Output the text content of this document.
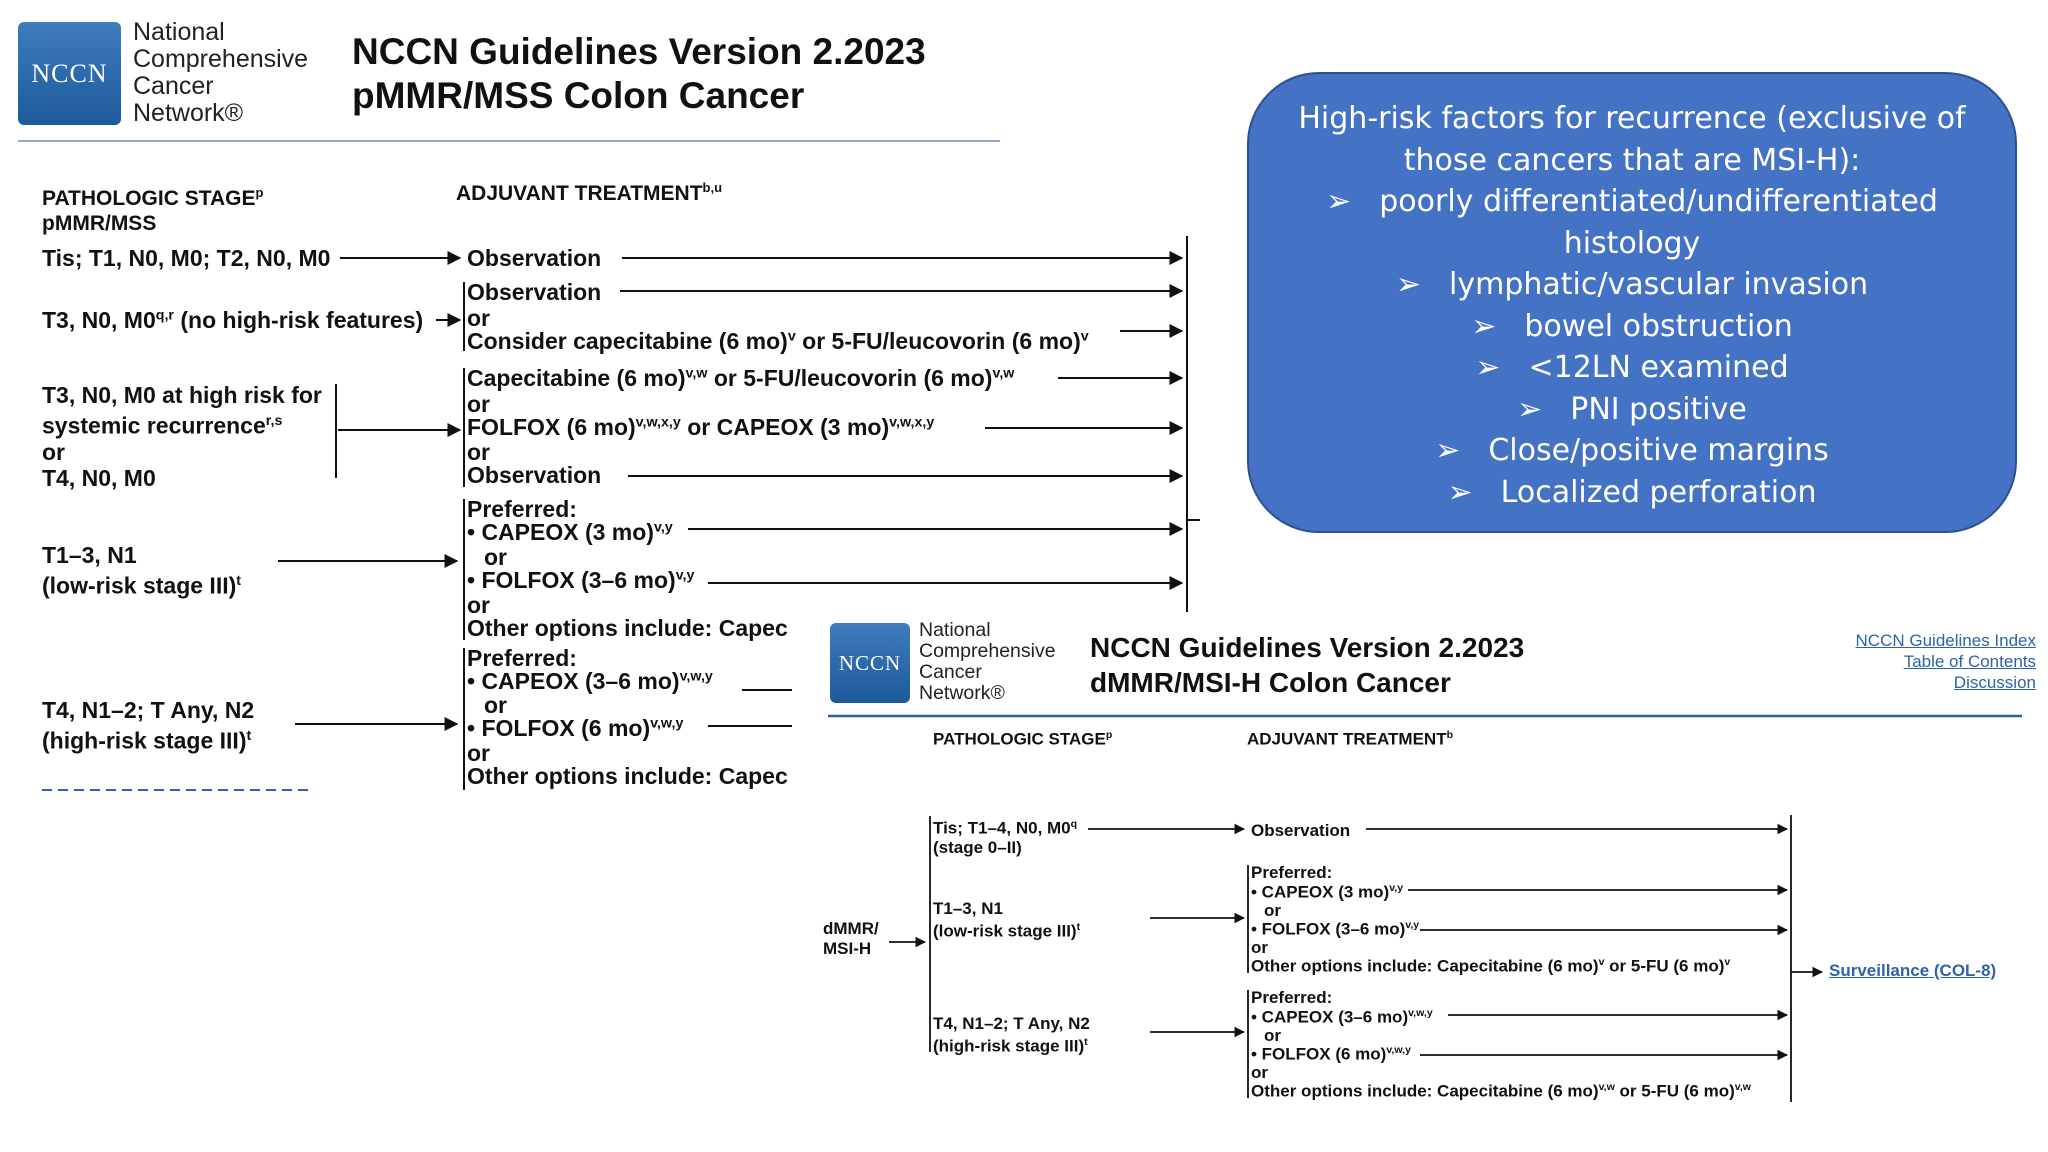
NCCN
National
Comprehensive
Cancer
Network®
NCCN Guidelines Version 2.2023
pMMR/MSS Colon Cancer
PATHOLOGIC STAGE$^p$
pMMR/MSS
ADJUVANT TREATMENT$^{b,u}$
Tis; T1, N0, M0; T2, N0, M0	Observation
T3, N0, M0$^{q,r}$ (no high-risk features)
Observation
or
Consider capecitabine (6 mo)$^v$ or 5-FU/leucovorin (6 mo)$^v$
T3, N0, M0 at high risk for
systemic recurrence$^{r,s}$
or
T4, N0, M0
Capecitabine (6 mo)$^{v,w}$ or 5-FU/leucovorin (6 mo)$^{v,w}$
or
FOLFOX (6 mo)$^{v,w,x,y}$ or CAPEOX (3 mo)$^{v,w,x,y}$
or
Observation
T1–3, N1
(low-risk stage III)$^t$
Preferred:
• CAPEOX (3 mo)$^{v,y}$
or
• FOLFOX (3–6 mo)$^{v,y}$
or
Other options include: Capec
T4, N1–2; T Any, N2
(high-risk stage III)$^t$
Preferred:
• CAPEOX (3–6 mo)$^{v,w,y}$
or
• FOLFOX (6 mo)$^{v,w,y}$
or
Other options include: Capec
High-risk factors for recurrence (exclusive of
those cancers that are MSI-H):
➢ poorly differentiated/undifferentiated
histology
➢ lymphatic/vascular invasion
➢ bowel obstruction
➢ <12LN examined
➢ PNI positive
➢ Close/positive margins
➢ Localized perforation
NCCN
National
Comprehensive
Cancer
Network®
NCCN Guidelines Version 2.2023
dMMR/MSI-H Colon Cancer
NCCN Guidelines Index
Table of Contents
Discussion
PATHOLOGIC STAGE$^p$	ADJUVANT TREATMENT$^b$
dMMR/
MSI-H
Tis; T1–4, N0, M0$^q$
(stage 0–II)
Observation
T1–3, N1
(low-risk stage III)$^t$
Preferred:
• CAPEOX (3 mo)$^{v,y}$
or
• FOLFOX (3–6 mo)$^{v,y}$
or
Other options include: Capecitabine (6 mo)$^v$ or 5-FU (6 mo)$^v$
T4, N1–2; T Any, N2
(high-risk stage III)$^t$
Preferred:
• CAPEOX (3–6 mo)$^{v,w,y}$
or
• FOLFOX (6 mo)$^{v,w,y}$
or
Other options include: Capecitabine (6 mo)$^{v,w}$ or 5-FU (6 mo)$^{v,w}$
Surveillance (COL-8)
